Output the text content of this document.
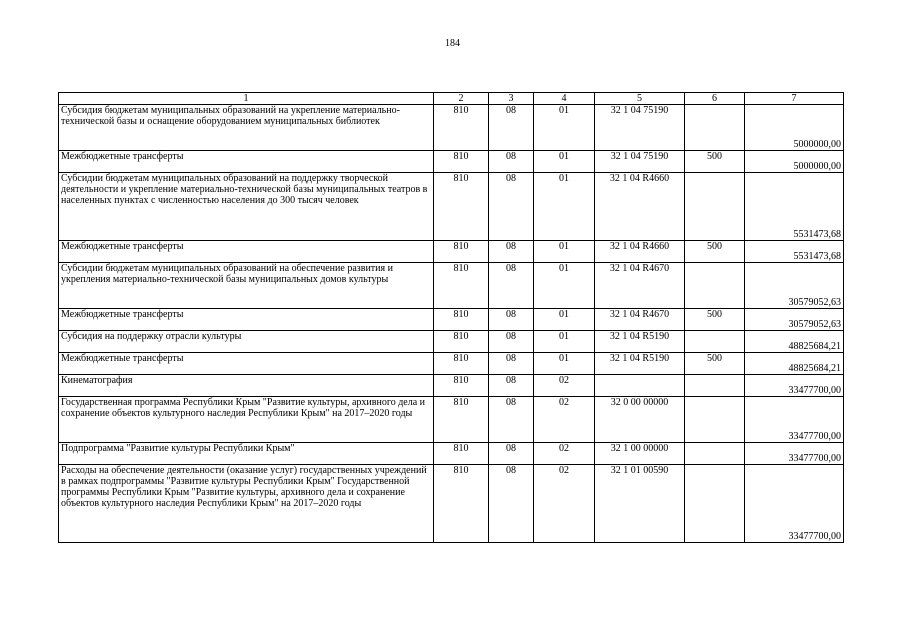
184
1	2	3	4	5	6	7
Субсидия бюджетам муниципальных образований на укрепление материально-технической базы и оснащение оборудованием муниципальных библиотек	810	08	01	32 1 04 75190		5000000,00
Межбюджетные трансферты	810	08	01	32 1 04 75190	500	5000000,00
Субсидии бюджетам муниципальных образований на поддержку творческой деятельности и укрепление материально-технической базы муниципальных театров в населенных пунктах с численностью населения до 300 тысяч человек	810	08	01	32 1 04 R4660		5531473,68
Межбюджетные трансферты	810	08	01	32 1 04 R4660	500	5531473,68
Субсидии бюджетам муниципальных образований на обеспечение развития и укрепления материально-технической базы муниципальных домов культуры	810	08	01	32 1 04 R4670		30579052,63
Межбюджетные трансферты	810	08	01	32 1 04 R4670	500	30579052,63
Субсидия на поддержку отрасли культуры	810	08	01	32 1 04 R5190		48825684,21
Межбюджетные трансферты	810	08	01	32 1 04 R5190	500	48825684,21
Кинематография	810	08	02			33477700,00
Государственная программа Республики Крым "Развитие культуры, архивного дела и сохранение объектов культурного наследия Республики Крым" на 2017–2020 годы	810	08	02	32 0 00 00000		33477700,00
Подпрограмма "Развитие культуры Республики Крым"	810	08	02	32 1 00 00000		33477700,00
Расходы на обеспечение деятельности (оказание услуг) государственных учреждений в рамках подпрограммы "Развитие культуры Республики Крым" Государственной программы Республики Крым "Развитие культуры, архивного дела и сохранение объектов культурного наследия Республики Крым" на 2017–2020 годы	810	08	02	32 1 01 00590		33477700,00
